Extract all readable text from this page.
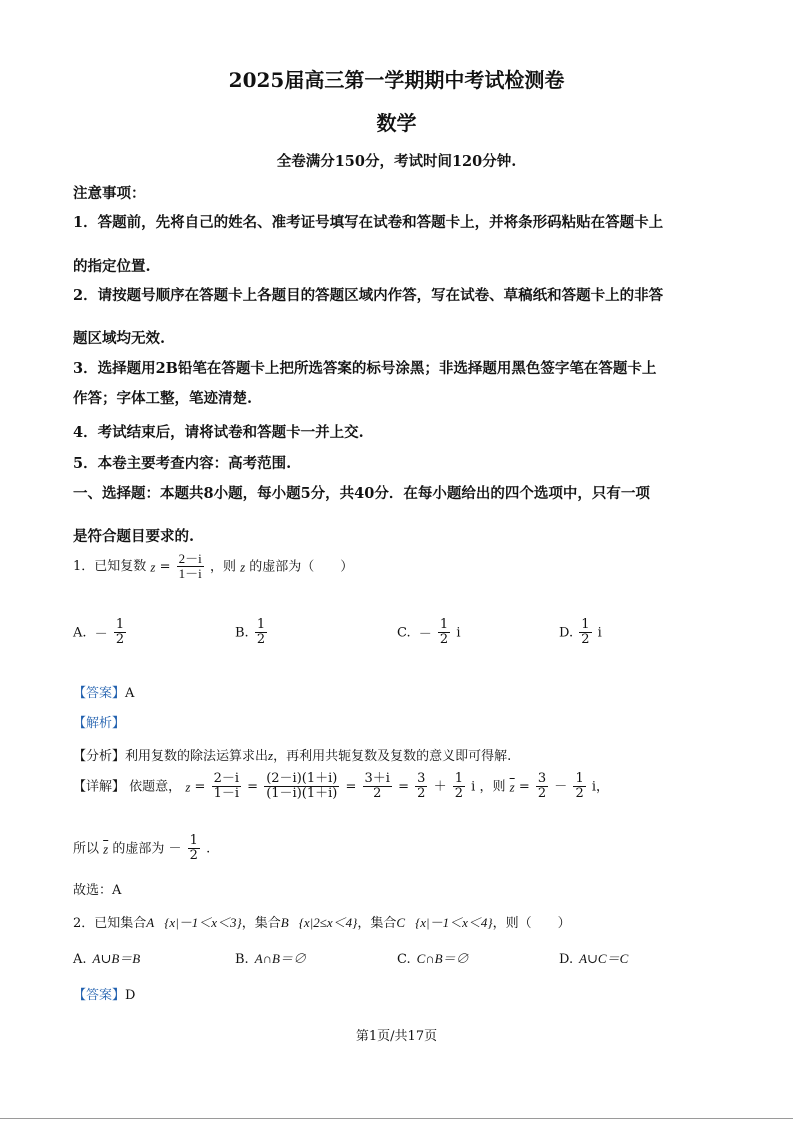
2025届高三第一学期期中考试检测卷
数学
全卷满分150分，考试时间120分钟.
注意事项：
1．答题前，先将自己的姓名、准考证号填写在试卷和答题卡上，并将条形码粘贴在答题卡上
的指定位置.
2．请按题号顺序在答题卡上各题目的答题区域内作答，写在试卷、草稿纸和答题卡上的非答
题区域均无效.
3．选择题用2B铅笔在答题卡上把所选答案的标号涂黑；非选择题用黑色签字笔在答题卡上
作答；字体工整，笔迹清楚.
4．考试结束后，请将试卷和答题卡一并上交.
5．本卷主要考查内容：高考范围.
一、选择题：本题共8小题，每小题5分，共40分．在每小题给出的四个选项中，只有一项
是符合题目要求的.
1．已知复数 $z = \frac{2-i}{1-i}$ ，则 z 的虚部为（　　）
A. － $\frac{1}{2}$	B. $\frac{1}{2}$	C. － $\frac{1}{2}$ i	D. $\frac{1}{2}$ i
【答案】A
【解析】
【分析】利用复数的除法运算求出z，再利用共轭复数及复数的意义即可得解.
【详解】 依题意， $z = \frac{2-i}{1-i} = \frac{(2-i)(1+i)}{(1-i)(1+i)} = \frac{3+i}{2} = \frac{3}{2} + \frac{1}{2}$ i ，则 $\overline{z} = \frac{3}{2} - \frac{1}{2}$ i，
所以 $\overline{z}$ 的虚部为 － $\frac{1}{2}$ .
故选：A
2．已知集合A {x|－1＜x＜3}，集合B {x|2≤x＜4}，集合C {x|－1＜x＜4}，则（　　）
A. A∪B＝B	B. A∩B＝∅	C. C∩B＝∅	D. A∪C＝C
【答案】D
第1页/共17页
